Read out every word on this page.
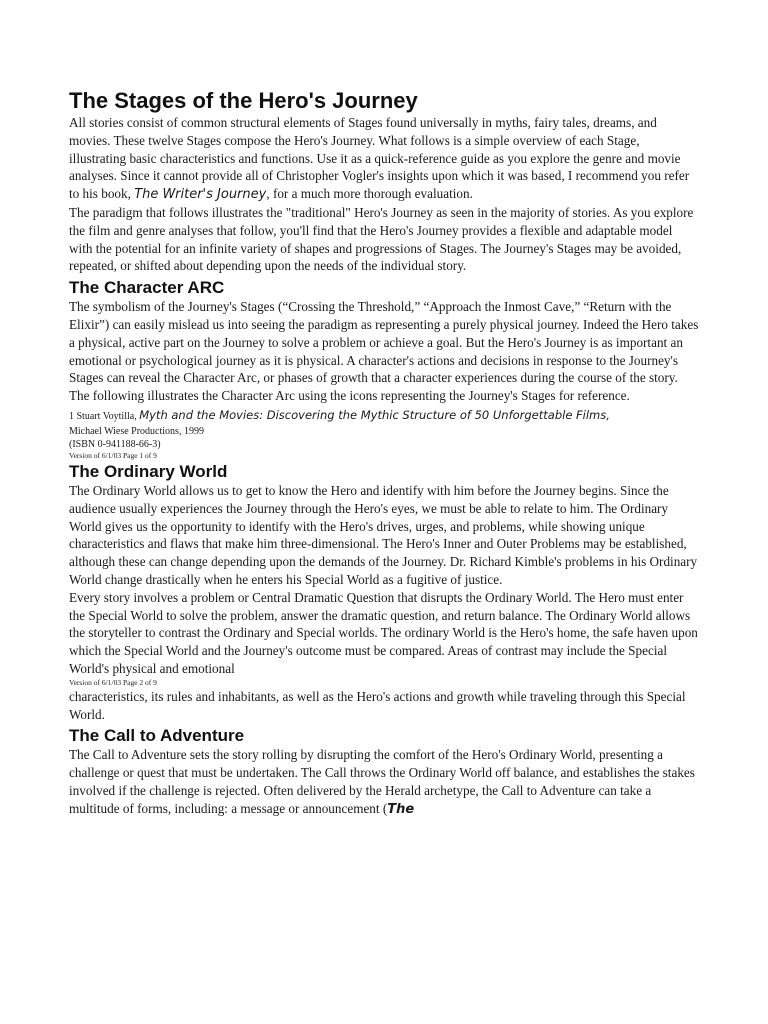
The Stages of the Hero's Journey

All stories consist of common structural elements of Stages found universally in myths, fairy tales, dreams, and movies. These twelve Stages compose the Hero's Journey. What follows is a simple overview of each Stage, illustrating basic characteristics and functions. Use it as a quick-reference guide as you explore the genre and movie analyses. Since it cannot provide all of Christopher Vogler's insights upon which it was based, I recommend you refer to his book, The Writer's Journey, for a much more thorough evaluation.

The paradigm that follows illustrates the "traditional" Hero's Journey as seen in the majority of stories. As you explore the film and genre analyses that follow, you'll find that the Hero's Journey provides a flexible and adaptable model with the potential for an infinite variety of shapes and progressions of Stages. The Journey's Stages may be avoided, repeated, or shifted about depending upon the needs of the individual story.

The Character ARC

The symbolism of the Journey's Stages (“Crossing the Threshold,” “Approach the Inmost Cave,” “Return with the Elixir”) can easily mislead us into seeing the paradigm as representing a purely physical journey. Indeed the Hero takes a physical, active part on the Journey to solve a problem or achieve a goal. But the Hero's Journey is as important an emotional or psychological journey as it is physical. A character's actions and decisions in response to the Journey's Stages can reveal the Character Arc, or phases of growth that a character experiences during the course of the story. The following illustrates the Character Arc using the icons representing the Journey's Stages for reference.

1 Stuart Voytilla, Myth and the Movies: Discovering the Mythic Structure of 50 Unforgettable Films,

Michael Wiese Productions, 1999

(ISBN 0-941188-66-3)

Version of 6/1/03 Page 1 of 9

The Ordinary World

The Ordinary World allows us to get to know the Hero and identify with him before the Journey begins. Since the audience usually experiences the Journey through the Hero's eyes, we must be able to relate to him. The Ordinary World gives us the opportunity to identify with the Hero's drives, urges, and problems, while showing unique characteristics and flaws that make him three-dimensional. The Hero's Inner and Outer Problems may be established, although these can change depending upon the demands of the Journey. Dr. Richard Kimble's problems in his Ordinary World change drastically when he enters his Special World as a fugitive of justice.

Every story involves a problem or Central Dramatic Question that disrupts the Ordinary World. The Hero must enter the Special World to solve the problem, answer the dramatic question, and return balance. The Ordinary World allows the storyteller to contrast the Ordinary and Special worlds. The ordinary World is the Hero's home, the safe haven upon which the Special World and the Journey's outcome must be compared. Areas of contrast may include the Special World's physical and emotional

Version of 6/1/03 Page 2 of 9

characteristics, its rules and inhabitants, as well as the Hero's actions and growth while traveling through this Special World.

The Call to Adventure

The Call to Adventure sets the story rolling by disrupting the comfort of the Hero's Ordinary World, presenting a challenge or quest that must be undertaken. The Call throws the Ordinary World off balance, and establishes the stakes involved if the challenge is rejected. Often delivered by the Herald archetype, the Call to Adventure can take a multitude of forms, including: a message or announcement (The
